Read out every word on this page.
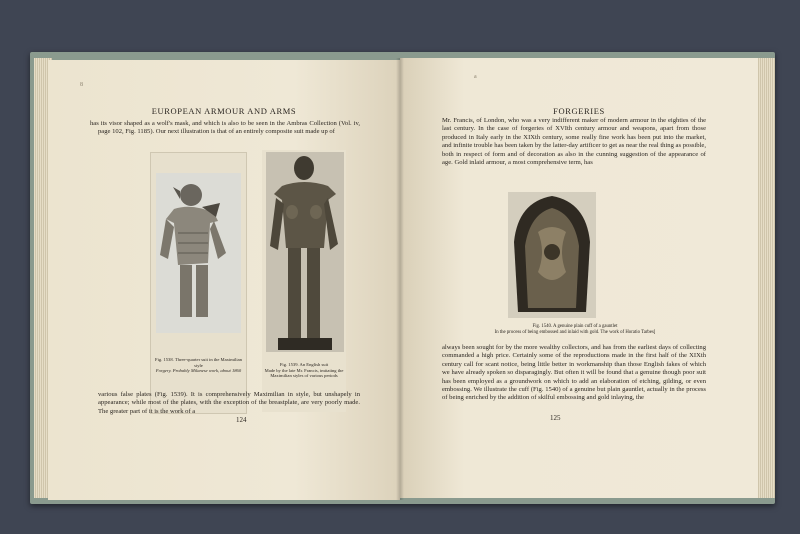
8
EUROPEAN ARMOUR AND ARMS
has its visor shaped as a wolf's mask, and which is also to be seen in the Ambras Collection (Vol. iv, page 102, Fig. 1185). Our next illustration is that of an entirely composite suit made up of
Fig. 1538. Three-quarter suit in the Maximilian style
Forgery. Probably Milanese work, about 1860
Fig. 1539. An English suit
Made by the late Mr. Francis, imitating the Maximilian styles of various periods
various false plates (Fig. 1539). It is comprehensively Maximilian in style, but unshapely in appearance; while most of the plates, with the exception of the breastplate, are very poorly made. The greater part of it is the work of a
124
a
FORGERIES
Mr. Francis, of London, who was a very indifferent maker of modern armour in the eighties of the last century. In the case of forgeries of XVIth century armour and weapons, apart from those produced in Italy early in the XIXth century, some really fine work has been put into the market, and infinite trouble has been taken by the latter-day artificer to get as near the real thing as possible, both in respect of form and of decoration as also in the cunning suggestion of the appearance of age. Gold inlaid armour, a most comprehensive term, has
Fig. 1540. A genuine plain cuff of a gauntlet
In the process of being embossed and inlaid with gold. The work of Horatio Tarbes]
always been sought for by the more wealthy collectors, and has from the earliest days of collecting commanded a high price. Certainly some of the reproductions made in the first half of the XIXth century call for scant notice, being little better in workmanship than those English fakes of which we have already spoken so disparagingly. But often it will be found that a genuine though poor suit has been employed as a groundwork on which to add an elaboration of etching, gilding, or even embossing. We illustrate the cuff (Fig. 1540) of a genuine but plain gauntlet, actually in the process of being enriched by the addition of skilful embossing and gold inlaying, the
125
